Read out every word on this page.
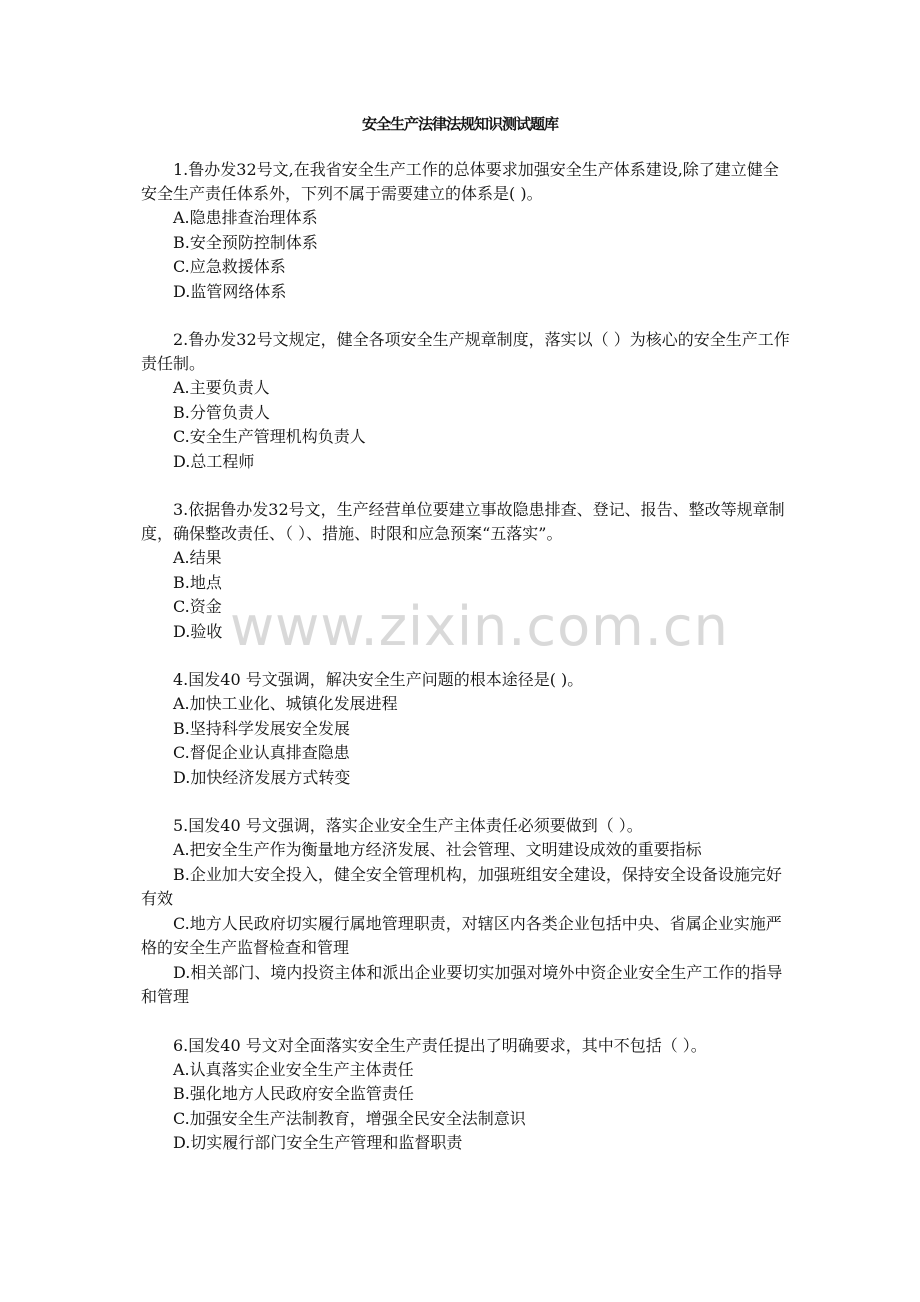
安全生产法律法规知识测试题库

1.鲁办发32号文,在我省安全生产工作的总体要求加强安全生产体系建设,除了建立健全安全生产责任体系外，下列不属于需要建立的体系是( )。

A.隐患排查治理体系

B.安全预防控制体系

C.应急救援体系

D.监管网络体系

2.鲁办发32号文规定，健全各项安全生产规章制度，落实以（ ）为核心的安全生产工作责任制。

A.主要负责人

B.分管负责人

C.安全生产管理机构负责人

D.总工程师

3.依据鲁办发32号文，生产经营单位要建立事故隐患排查、登记、报告、整改等规章制度，确保整改责任、（ ）、措施、时限和应急预案“五落实”。

A.结果

B.地点

C.资金

D.验收

4.国发40 号文强调，解决安全生产问题的根本途径是( )。

A.加快工业化、城镇化发展进程

B.坚持科学发展安全发展

C.督促企业认真排查隐患

D.加快经济发展方式转变

5.国发40 号文强调，落实企业安全生产主体责任必须要做到（ ）。

A.把安全生产作为衡量地方经济发展、社会管理、文明建设成效的重要指标

B.企业加大安全投入，健全安全管理机构，加强班组安全建设，保持安全设备设施完好有效

C.地方人民政府切实履行属地管理职责，对辖区内各类企业包括中央、省属企业实施严格的安全生产监督检查和管理

D.相关部门、境内投资主体和派出企业要切实加强对境外中资企业安全生产工作的指导和管理

6.国发40 号文对全面落实安全生产责任提出了明确要求，其中不包括（ ）。

A.认真落实企业安全生产主体责任

B.强化地方人民政府安全监管责任

C.加强安全生产法制教育，增强全民安全法制意识

D.切实履行部门安全生产管理和监督职责

www.zixin.com.cn
